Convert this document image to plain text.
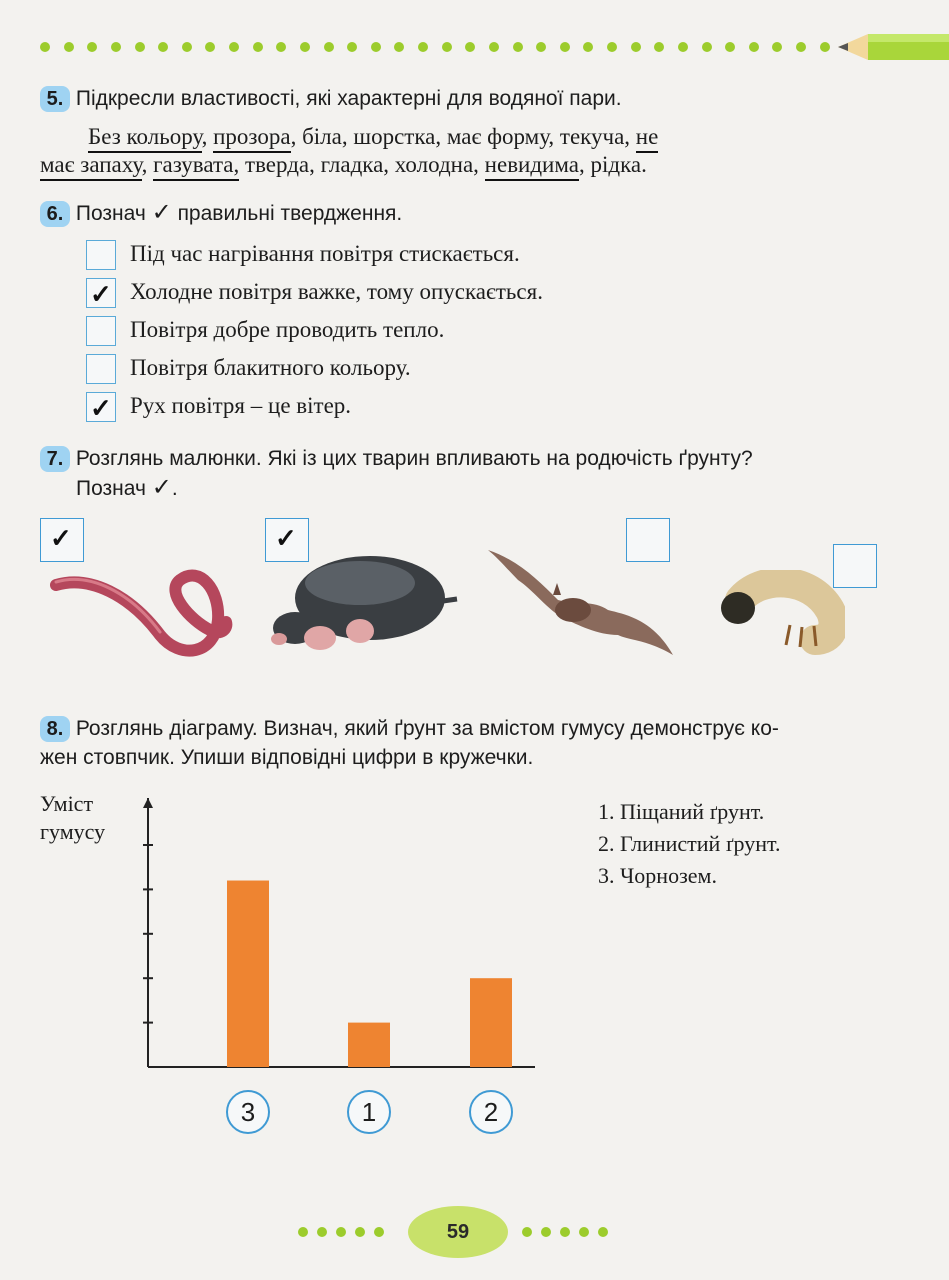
5. Підкресли властивості, які характерні для водяної пари.
Без кольору, прозора, біла, шорстка, має форму, текуча, не
має запаху, газувата, тверда, гладка, холодна, невидима, рідка.
6. Познач ✓ правильні твердження.
Під час нагрівання повітря стискається.
✓ Холодне повітря важке, тому опускається.
Повітря добре проводить тепло.
Повітря блакитного кольору.
✓ Рух повітря – це вітер.
7. Розглянь малюнки. Які із цих тварин впливають на родючість ґрунту?
Познач ✓.
✓	✓
8. Розглянь діаграму. Визнач, який ґрунт за вмістом гумусу демонструє ко-
жен стовпчик. Упиши відповідні цифри в кружечки.
Уміст
гумусу
3	1	2
1. Піщаний ґрунт.
2. Глинистий ґрунт.
3. Чорнозем.
59
